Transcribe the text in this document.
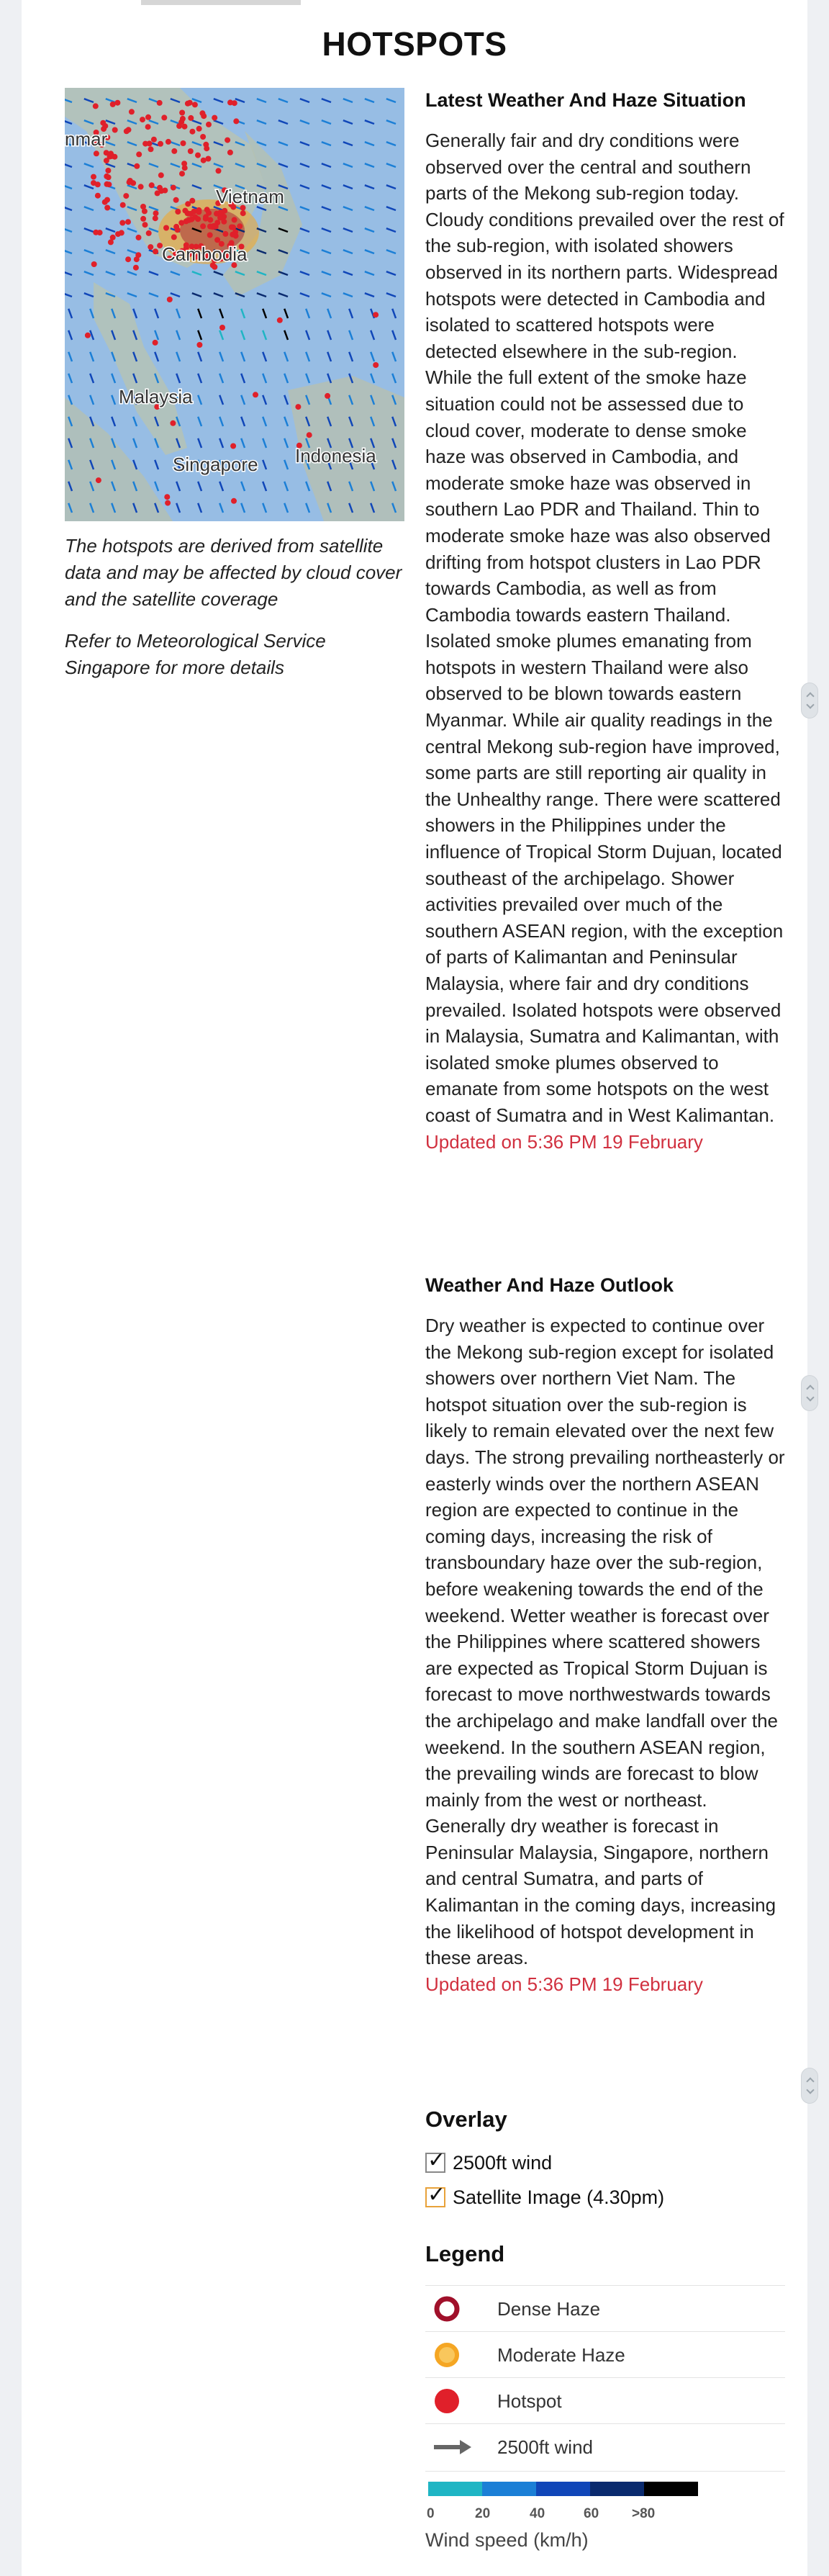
HOTSPOTS
nmar
Vietnam
Cambodia
Malaysia
Singapore Indonesia
The hotspots are derived from satellite data and may be affected by cloud cover and the satellite coverage
Refer to Meteorological Service Singapore for more details

Latest Weather And Haze Situation

Generally fair and dry conditions were observed over the central and southern parts of the Mekong sub-region today. Cloudy conditions prevailed over the rest of the sub-region, with isolated showers observed in its northern parts. Widespread hotspots were detected in Cambodia and isolated to scattered hotspots were detected elsewhere in the sub-region. While the full extent of the smoke haze situation could not be assessed due to cloud cover, moderate to dense smoke haze was observed in Cambodia, and moderate smoke haze was observed in southern Lao PDR and Thailand. Thin to moderate smoke haze was also observed drifting from hotspot clusters in Lao PDR towards Cambodia, as well as from Cambodia towards eastern Thailand. Isolated smoke plumes emanating from hotspots in western Thailand were also observed to be blown towards eastern Myanmar. While air quality readings in the central Mekong sub-region have improved, some parts are still reporting air quality in the Unhealthy range. There were scattered showers in the Philippines under the influence of Tropical Storm Dujuan, located southeast of the archipelago. Shower activities prevailed over much of the southern ASEAN region, with the exception of parts of Kalimantan and Peninsular Malaysia, where fair and dry conditions prevailed. Isolated hotspots were observed in Malaysia, Sumatra and Kalimantan, with isolated smoke plumes observed to emanate from some hotspots on the west coast of Sumatra and in West Kalimantan.

Updated on 5:36 PM 19 February

Weather And Haze Outlook

Dry weather is expected to continue over the Mekong sub-region except for isolated showers over northern Viet Nam. The hotspot situation over the sub-region is likely to remain elevated over the next few days. The strong prevailing northeasterly or easterly winds over the northern ASEAN region are expected to continue in the coming days, increasing the risk of transboundary haze over the sub-region, before weakening towards the end of the weekend. Wetter weather is forecast over the Philippines where scattered showers are expected as Tropical Storm Dujuan is forecast to move northwestwards towards the archipelago and make landfall over the weekend. In the southern ASEAN region, the prevailing winds are forecast to blow mainly from the west or northeast. Generally dry weather is forecast in Peninsular Malaysia, Singapore, northern and central Sumatra, and parts of Kalimantan in the coming days, increasing the likelihood of hotspot development in these areas.

Updated on 5:36 PM 19 February
Overlay
✓ 2500ft wind
✓ Satellite Image (4.30pm)
Legend
Dense Haze
Moderate Haze
Hotspot
2500ft wind
0	20	40	60 >80
Wind speed (km/h)
